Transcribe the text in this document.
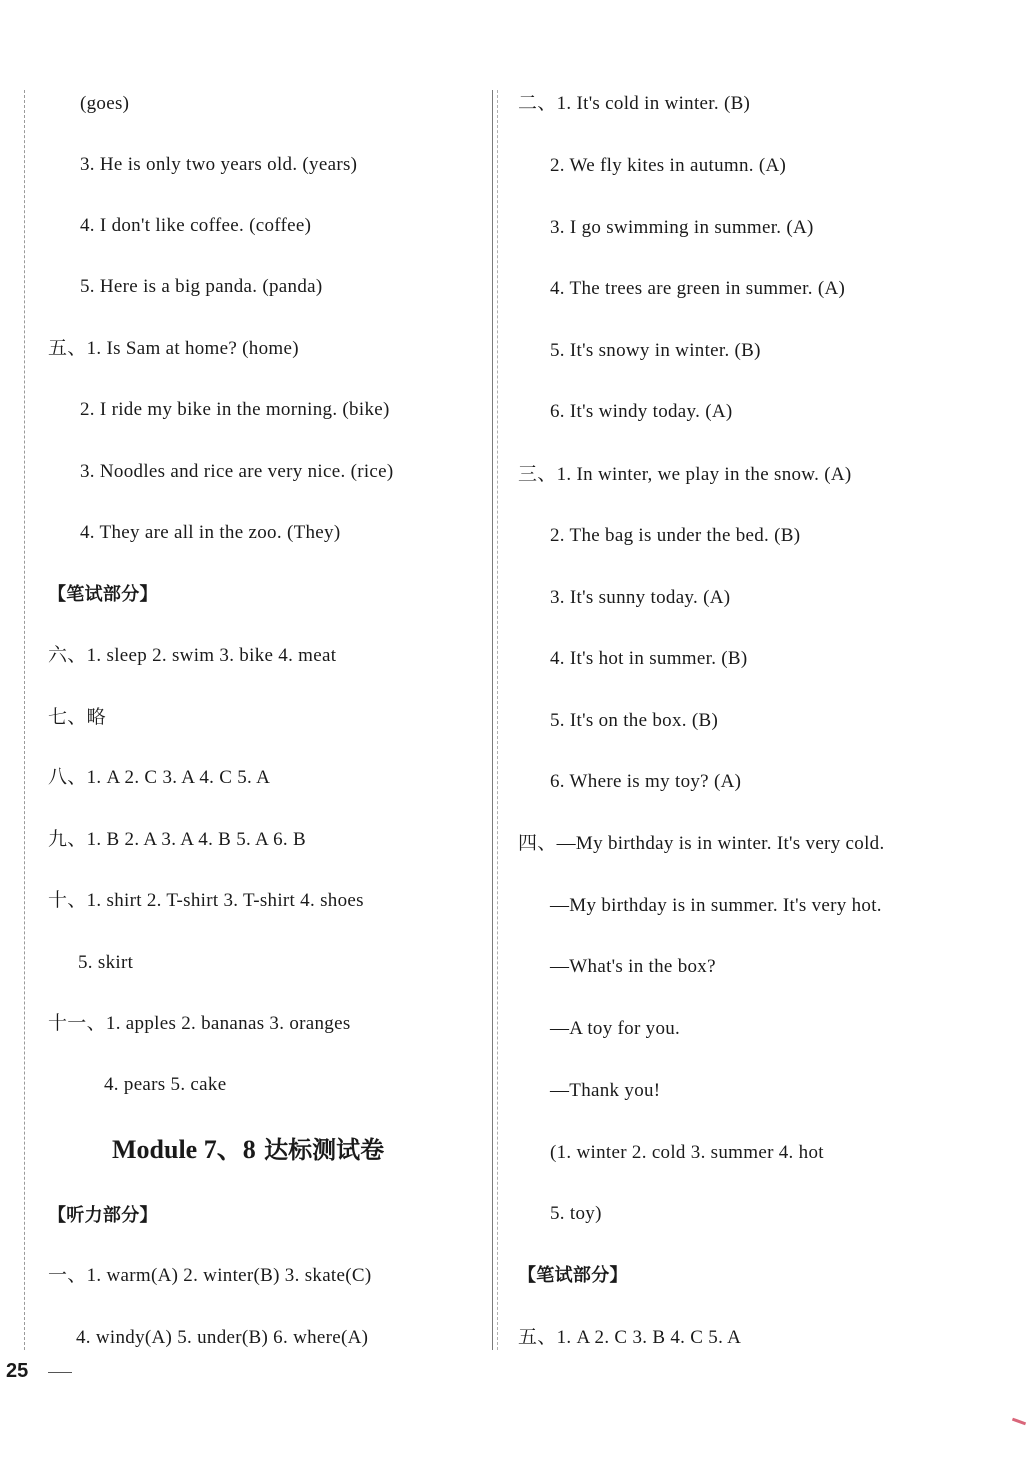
(goes)
3. He is only two years old. (years)
4. I don't like coffee. (coffee)
5. Here is a big panda. (panda)
五、1. Is Sam at home? (home)
2. I ride my bike in the morning. (bike)
3. Noodles and rice are very nice. (rice)
4. They are all in the zoo. (They)
【笔试部分】
六、1. sleep 2. swim 3. bike 4. meat
七、略
八、1. A 2. C 3. A 4. C 5. A
九、1. B 2. A 3. A 4. B 5. A 6. B
十、1. shirt 2. T-shirt 3. T-shirt 4. shoes
5. skirt
十一、1. apples 2. bananas 3. oranges
4. pears 5. cake
Module 7、8 达标测试卷
【听力部分】
一、1. warm(A) 2. winter(B) 3. skate(C)
4. windy(A) 5. under(B) 6. where(A)
二、1. It's cold in winter. (B)
2. We fly kites in autumn. (A)
3. I go swimming in summer. (A)
4. The trees are green in summer. (A)
5. It's snowy in winter. (B)
6. It's windy today. (A)
三、1. In winter, we play in the snow. (A)
2. The bag is under the bed. (B)
3. It's sunny today. (A)
4. It's hot in summer. (B)
5. It's on the box. (B)
6. Where is my toy? (A)
四、—My birthday is in winter. It's very cold.
—My birthday is in summer. It's very hot.
—What's in the box?
—A toy for you.
—Thank you!
(1. winter 2. cold 3. summer 4. hot
5. toy)
【笔试部分】
五、1. A 2. C 3. B 4. C 5. A
25
